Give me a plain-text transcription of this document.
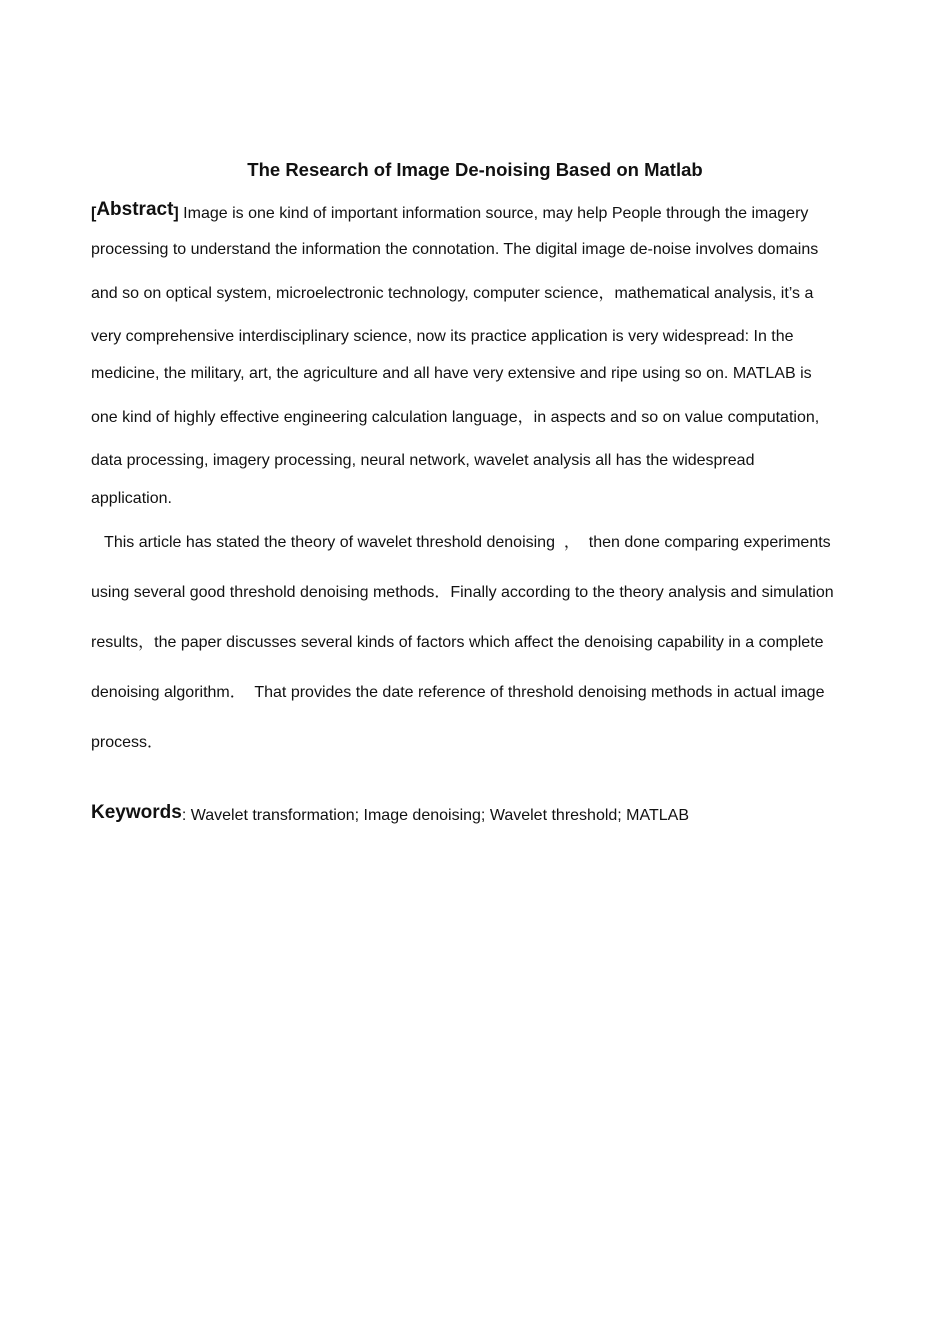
The Research of Image De-noising Based on Matlab
[Abstract] Image is one kind of important information source, may help People through the imagery
processing to understand the information the connotation. The digital image de-noise involves domains
and so on optical system, microelectronic technology, computer science，mathematical analysis, it’s a
very comprehensive interdisciplinary science, now its practice application is very widespread: In the
medicine, the military, art, the agriculture and all have very extensive and ripe using so on. MATLAB is
one kind of highly effective engineering calculation language，in aspects and so on value computation,
data processing, imagery processing, neural network, wavelet analysis all has the widespread
application.
This article has stated the theory of wavelet threshold denoising  ，  then done comparing experiments
using several good threshold denoising methods．Finally according to the theory analysis and simulation
results，the paper discusses several kinds of factors which affect the denoising capability in a complete
denoising algorithm．  That provides the date reference of threshold denoising methods in actual image
process．
Keywords: Wavelet transformation; Image denoising; Wavelet threshold; MATLAB
